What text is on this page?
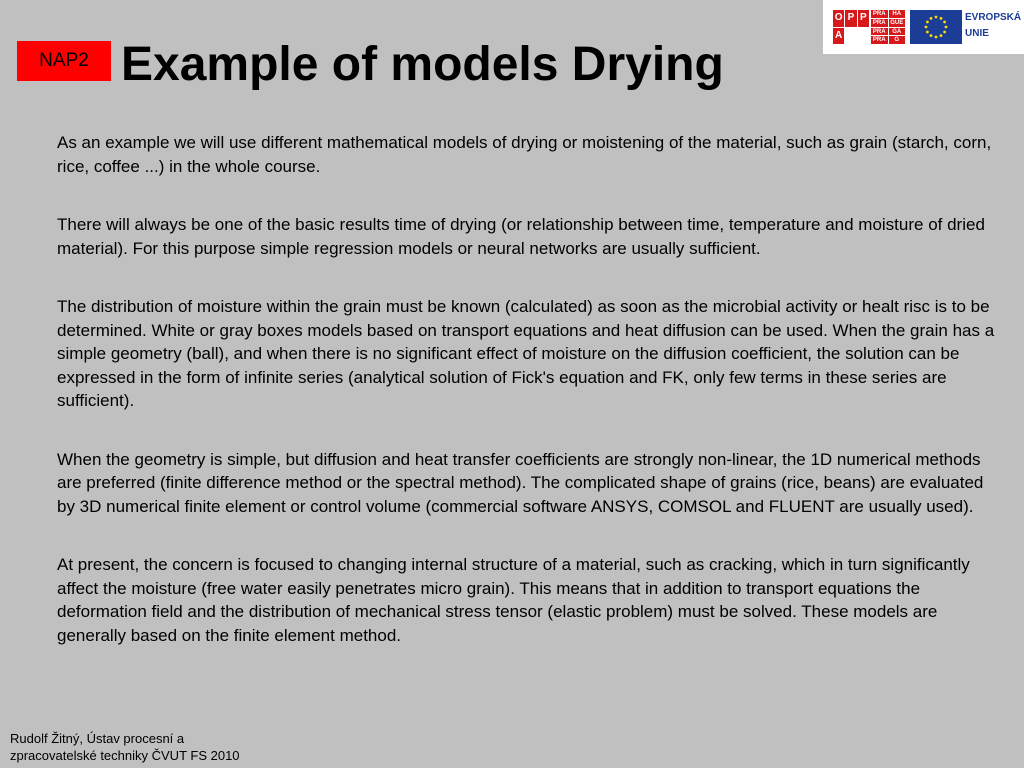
NAP2 Example of models Drying
O P P
A
PRA	HA
PRA GUE
PRA	GA
PRA	G
EVROPSKÁ
UNIE

As an example we will use different mathematical models of drying or moistening of the material, such as grain (starch, corn, rice, coffee ...) in the whole course.

There will always be one of the basic results time of drying (or relationship between time, temperature and moisture of dried material). For this purpose simple regression models or neural networks are usually sufficient.

The distribution of moisture within the grain must be known (calculated) as soon as the microbial activity or healt risc is to be determined. White or gray boxes models based on transport equations and heat diffusion can be used. When the grain has a simple geometry (ball), and when there is no significant effect of moisture on the diffusion coefficient, the solution can be expressed in the form of infinite series (analytical solution of Fick's equation and FK, only few terms in these series are sufficient).

When the geometry is simple, but diffusion and heat transfer coefficients are strongly non-linear, the 1D numerical methods are preferred (finite difference method or the spectral method). The complicated shape of grains (rice, beans) are evaluated by 3D numerical finite element or control volume (commercial software ANSYS, COMSOL and FLUENT are usually used).

At present, the concern is focused to changing internal structure of a material, such as cracking, which in turn significantly affect the moisture (free water easily penetrates micro grain). This means that in addition to transport equations the deformation field and the distribution of mechanical stress tensor (elastic problem) must be solved. These models are generally based on the finite element method.

Rudolf Žitný, Ústav procesní a
zpracovatelské techniky ČVUT FS 2010
